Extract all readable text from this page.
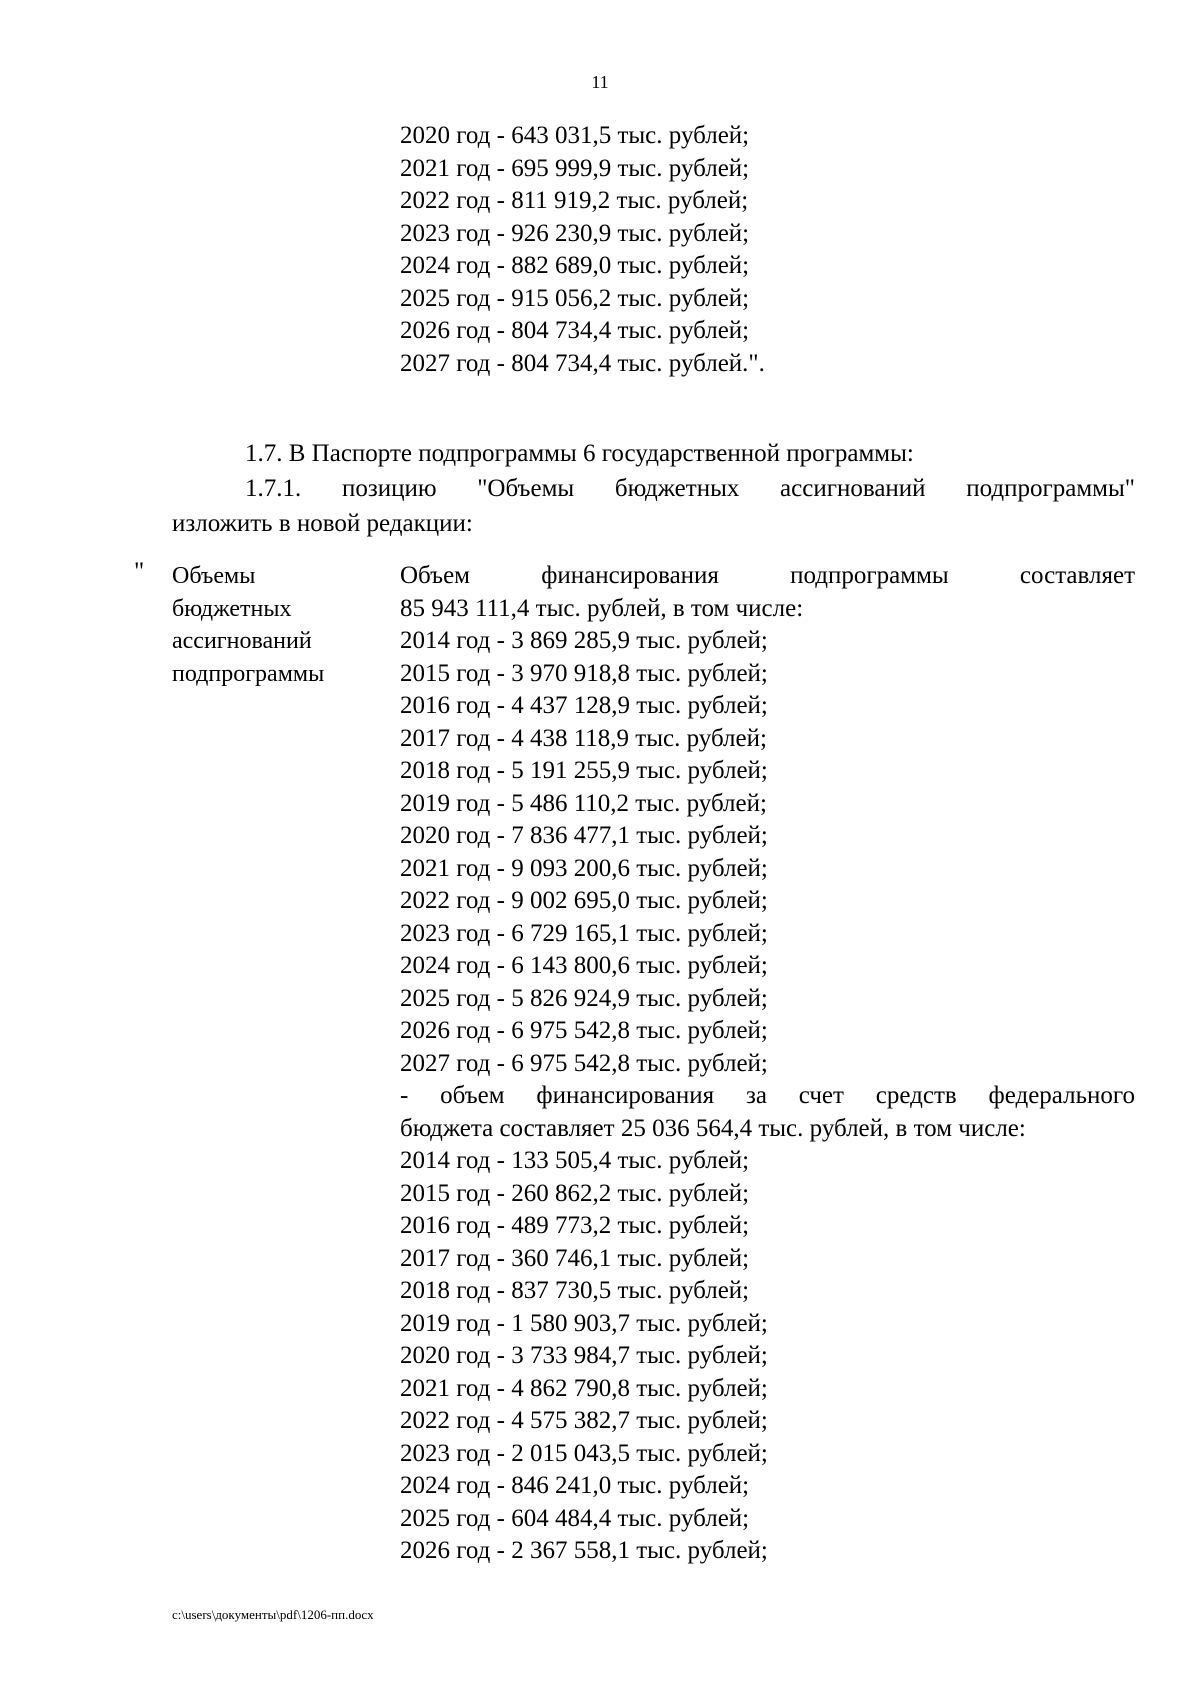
11
2020 год - 643 031,5 тыс. рублей;
2021 год - 695 999,9 тыс. рублей;
2022 год - 811 919,2 тыс. рублей;
2023 год - 926 230,9 тыс. рублей;
2024 год - 882 689,0 тыс. рублей;
2025 год - 915 056,2 тыс. рублей;
2026 год - 804 734,4 тыс. рублей;
2027 год - 804 734,4 тыс. рублей.".
1.7. В Паспорте подпрограммы 6 государственной программы:
1.7.1. позицию "Объемы бюджетных ассигнований подпрограммы"
изложить в новой редакции:
" Объемы
бюджетных
ассигнований
подпрограммы
Объем финансирования подпрограммы составляет
85 943 111,4 тыс. рублей, в том числе:
2014 год - 3 869 285,9 тыс. рублей;
2015 год - 3 970 918,8 тыс. рублей;
2016 год - 4 437 128,9 тыс. рублей;
2017 год - 4 438 118,9 тыс. рублей;
2018 год - 5 191 255,9 тыс. рублей;
2019 год - 5 486 110,2 тыс. рублей;
2020 год - 7 836 477,1 тыс. рублей;
2021 год - 9 093 200,6 тыс. рублей;
2022 год - 9 002 695,0 тыс. рублей;
2023 год - 6 729 165,1 тыс. рублей;
2024 год - 6 143 800,6 тыс. рублей;
2025 год - 5 826 924,9 тыс. рублей;
2026 год - 6 975 542,8 тыс. рублей;
2027 год - 6 975 542,8 тыс. рублей;
- объем финансирования за счет средств федерального
бюджета составляет 25 036 564,4 тыс. рублей, в том числе:
2014 год - 133 505,4 тыс. рублей;
2015 год - 260 862,2 тыс. рублей;
2016 год - 489 773,2 тыс. рублей;
2017 год - 360 746,1 тыс. рублей;
2018 год - 837 730,5 тыс. рублей;
2019 год - 1 580 903,7 тыс. рублей;
2020 год - 3 733 984,7 тыс. рублей;
2021 год - 4 862 790,8 тыс. рублей;
2022 год - 4 575 382,7 тыс. рублей;
2023 год - 2 015 043,5 тыс. рублей;
2024 год - 846 241,0 тыс. рублей;
2025 год - 604 484,4 тыс. рублей;
2026 год - 2 367 558,1 тыс. рублей;
c:\users\документы\pdf\1206-пп.docx
